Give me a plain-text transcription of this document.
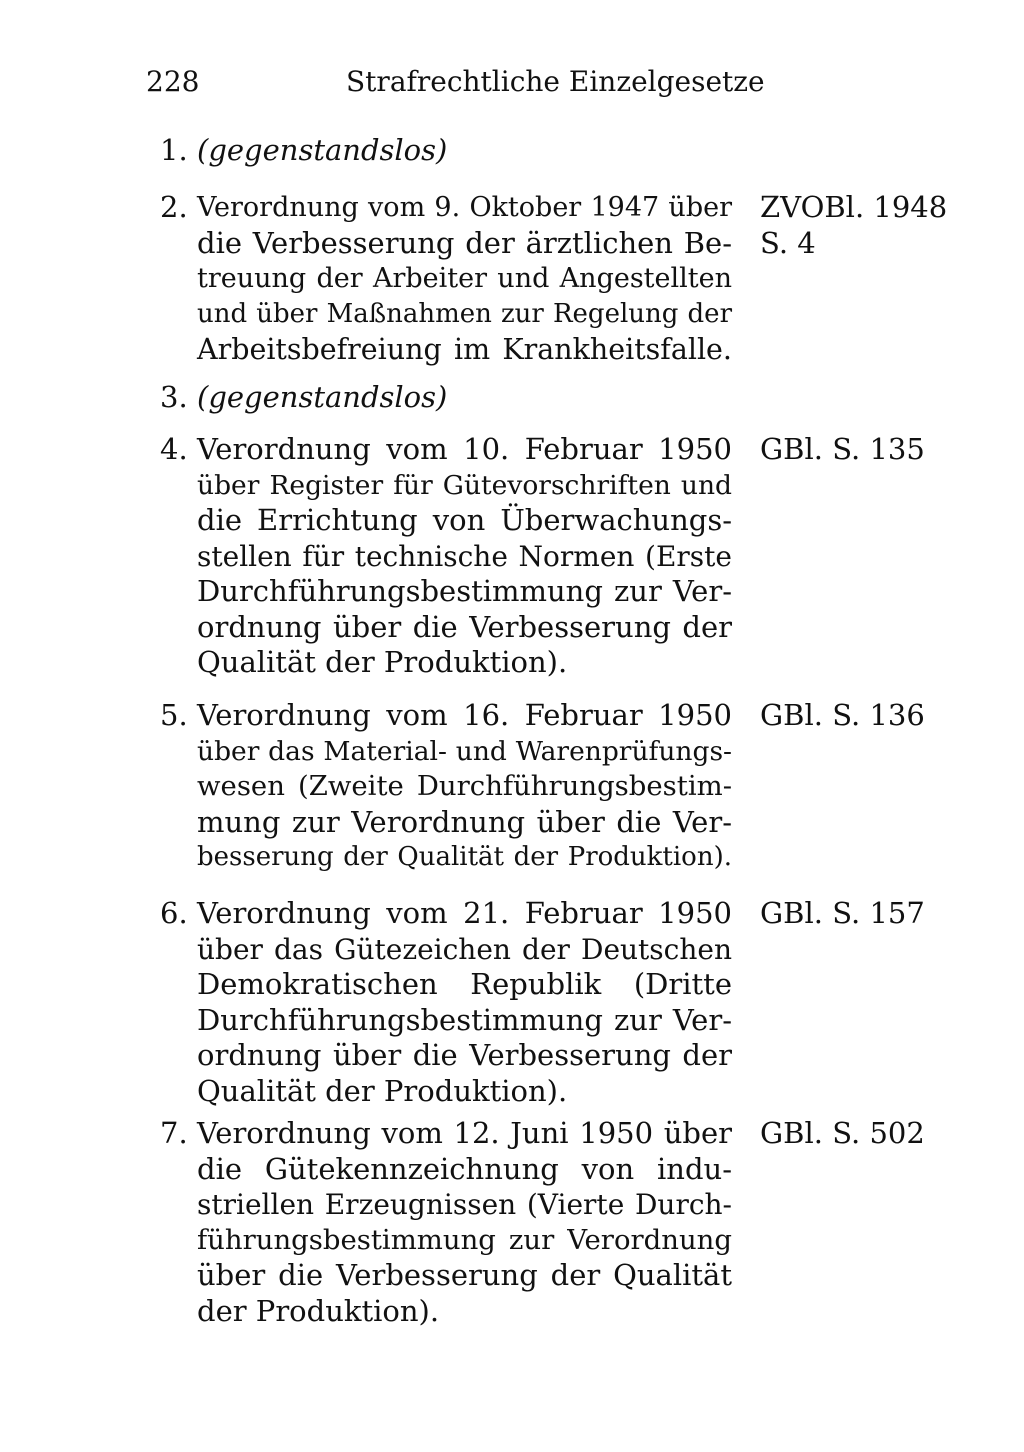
228	Strafrechtliche Einzelgesetze
1. (gegenstandslos)
2. Verordnung vom 9. Oktober 1947 über
die Verbesserung der ärztlichen Be-
treuung der Arbeiter und Angestellten
und über Maßnahmen zur Regelung der
Arbeitsbefreiung im Krankheitsfalle.
ZVOBl. 1948
S. 4
3. (gegenstandslos)
4. Verordnung vom 10. Februar 1950
über Register für Gütevorschriften und
die Errichtung von Überwachungs-
stellen für technische Normen (Erste
Durchführungsbestimmung zur Ver-
ordnung über die Verbesserung der
Qualität der Produktion).
GBl. S. 135
5. Verordnung vom 16. Februar 1950
über das Material- und Warenprüfungs-
wesen (Zweite Durchführungsbestim-
mung zur Verordnung über die Ver-
besserung der Qualität der Produktion).
GBl. S. 136
6. Verordnung vom 21. Februar 1950
über das Gütezeichen der Deutschen
Demokratischen Republik (Dritte
Durchführungsbestimmung zur Ver-
ordnung über die Verbesserung der
Qualität der Produktion).
GBl. S. 157
7. Verordnung vom 12. Juni 1950 über
die Gütekennzeichnung von indu-
striellen Erzeugnissen (Vierte Durch-
führungsbestimmung zur Verordnung
über die Verbesserung der Qualität
der Produktion).
GBl. S. 502
